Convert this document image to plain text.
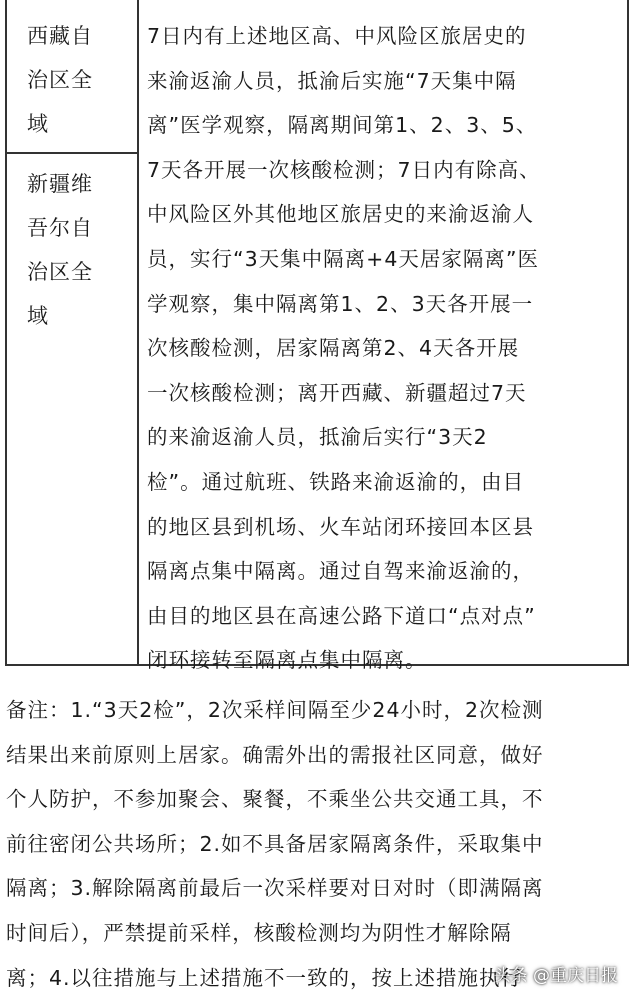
西藏自
治区全
域
新疆维
吾尔自
治区全
域
7日内有上述地区高、中风险区旅居史的
来渝返渝人员，抵渝后实施“7天集中隔
离”医学观察，隔离期间第1、2、3、5、
7天各开展一次核酸检测；7日内有除高、
中风险区外其他地区旅居史的来渝返渝人
员，实行“3天集中隔离+4天居家隔离”医
学观察，集中隔离第1、2、3天各开展一
次核酸检测，居家隔离第2、4天各开展
一次核酸检测；离开西藏、新疆超过7天
的来渝返渝人员，抵渝后实行“3天2
检”。通过航班、铁路来渝返渝的，由目
的地区县到机场、火车站闭环接回本区县
隔离点集中隔离。通过自驾来渝返渝的，
由目的地区县在高速公路下道口“点对点”
闭环接转至隔离点集中隔离。
备注：1.“3天2检”，2次采样间隔至少24小时，2次检测
结果出来前原则上居家。确需外出的需报社区同意，做好
个人防护，不参加聚会、聚餐，不乘坐公共交通工具，不
前往密闭公共场所；2.如不具备居家隔离条件，采取集中
隔离；3.解除隔离前最后一次采样要对日对时（即满隔离
时间后），严禁提前采样，核酸检测均为阴性才解除隔
离；4.以往措施与上述措施不一致的，按上述措施执行
头条 @重庆日报
